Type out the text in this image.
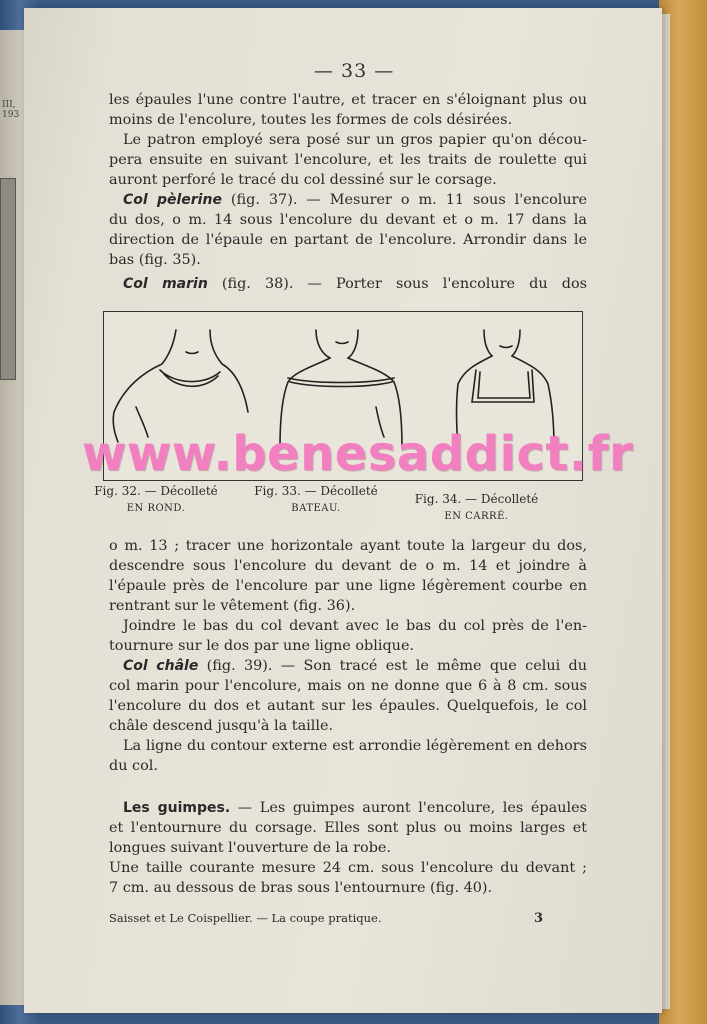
III, 193
— 33 —
les épaules l'une contre l'autre, et tracer en s'éloignant plus ou
moins de l'encolure, toutes les formes de cols désirées.
Le patron employé sera posé sur un gros papier qu'on décou-
pera ensuite en suivant l'encolure, et les traits de roulette qui
auront perforé le tracé du col dessiné sur le corsage.
Col pèlerine (fig. 37). — Mesurer o m. 11 sous l'encolure
du dos, o m. 14 sous l'encolure du devant et o m. 17 dans la
direction de l'épaule en partant de l'encolure. Arrondir dans le
bas (fig. 35).
Col marin (fig. 38). — Porter sous l'encolure du dos
Fig. 32. — Décolleté
EN ROND.
Fig. 33. — Décolleté
BATEAU.
Fig. 34. — Décolleté
EN CARRÉ.
o m. 13 ; tracer une horizontale ayant toute la largeur du dos,
descendre sous l'encolure du devant de o m. 14 et joindre à
l'épaule près de l'encolure par une ligne légèrement courbe en
rentrant sur le vêtement (fig. 36).
Joindre le bas du col devant avec le bas du col près de l'en-
tournure sur le dos par une ligne oblique.
Col châle (fig. 39). — Son tracé est le même que celui du
col marin pour l'encolure, mais on ne donne que 6 à 8 cm. sous
l'encolure du dos et autant sur les épaules. Quelquefois, le col
châle descend jusqu'à la taille.
La ligne du contour externe est arrondie légèrement en dehors
du col.
Les guimpes. — Les guimpes auront l'encolure, les épaules
et l'entournure du corsage. Elles sont plus ou moins larges et
longues suivant l'ouverture de la robe.
Une taille courante mesure 24 cm. sous l'encolure du devant ;
7 cm. au dessous de bras sous l'entournure (fig. 40).
Saisset et Le Coispellier. — La coupe pratique.	3
www.benesaddict.fr
